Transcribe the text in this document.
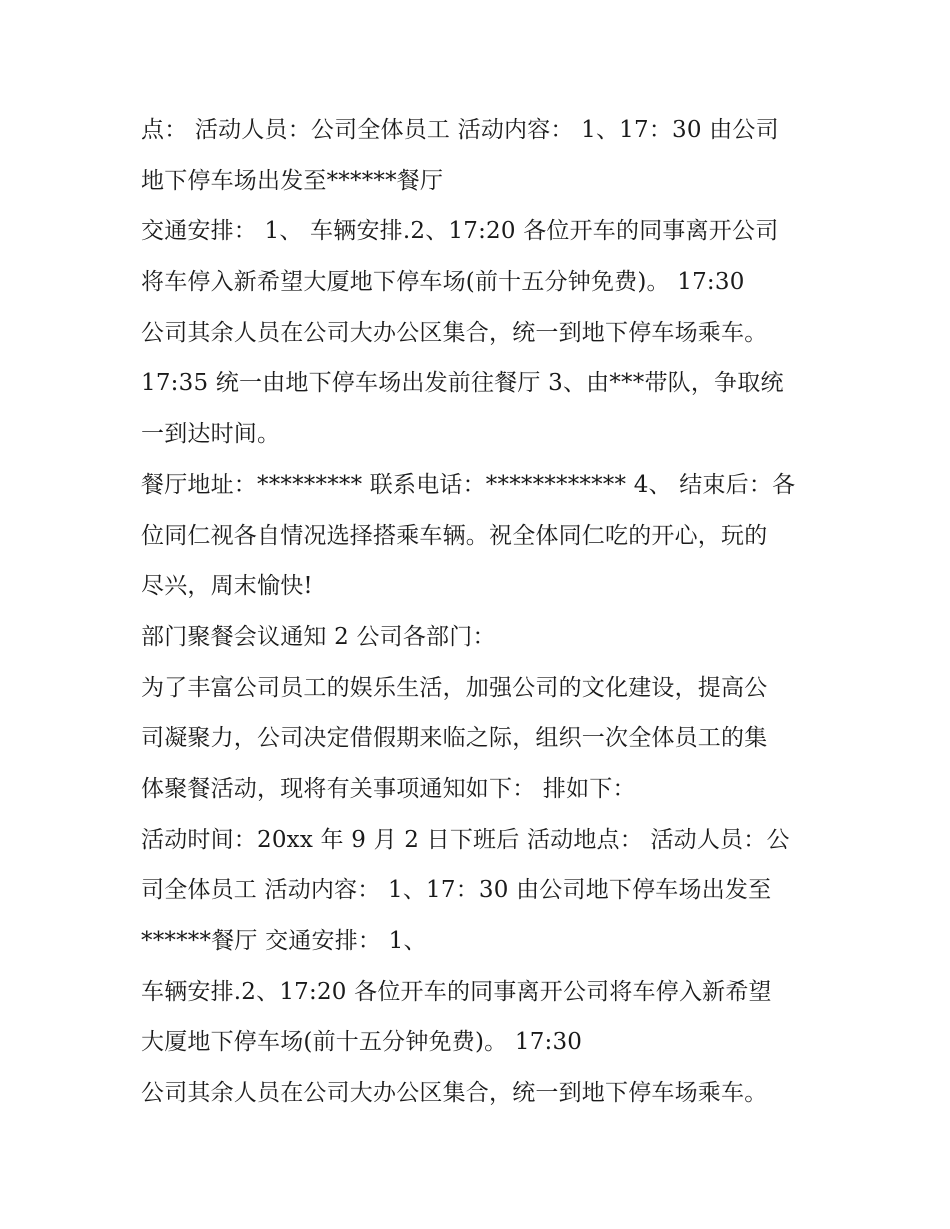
点： 活动人员：公司全体员工 活动内容： 1、17：30 由公司
地下停车场出发至******餐厅
交通安排： 1、 车辆安排.2、17:20 各位开车的同事离开公司
将车停入新希望大厦地下停车场(前十五分钟免费)。 17:30
公司其余人员在公司大办公区集合，统一到地下停车场乘车。
17:35 统一由地下停车场出发前往餐厅 3、由***带队，争取统
一到达时间。
餐厅地址：********* 联系电话：************ 4、 结束后：各
位同仁视各自情况选择搭乘车辆。祝全体同仁吃的开心，玩的
尽兴，周末愉快!
部门聚餐会议通知 2 公司各部门：
为了丰富公司员工的娱乐生活，加强公司的文化建设，提高公
司凝聚力，公司决定借假期来临之际，组织一次全体员工的集
体聚餐活动，现将有关事项通知如下： 排如下：
活动时间：20xx 年 9 月 2 日下班后 活动地点： 活动人员：公
司全体员工 活动内容： 1、17：30 由公司地下停车场出发至
******餐厅 交通安排： 1、
车辆安排.2、17:20 各位开车的同事离开公司将车停入新希望
大厦地下停车场(前十五分钟免费)。 17:30
公司其余人员在公司大办公区集合，统一到地下停车场乘车。
